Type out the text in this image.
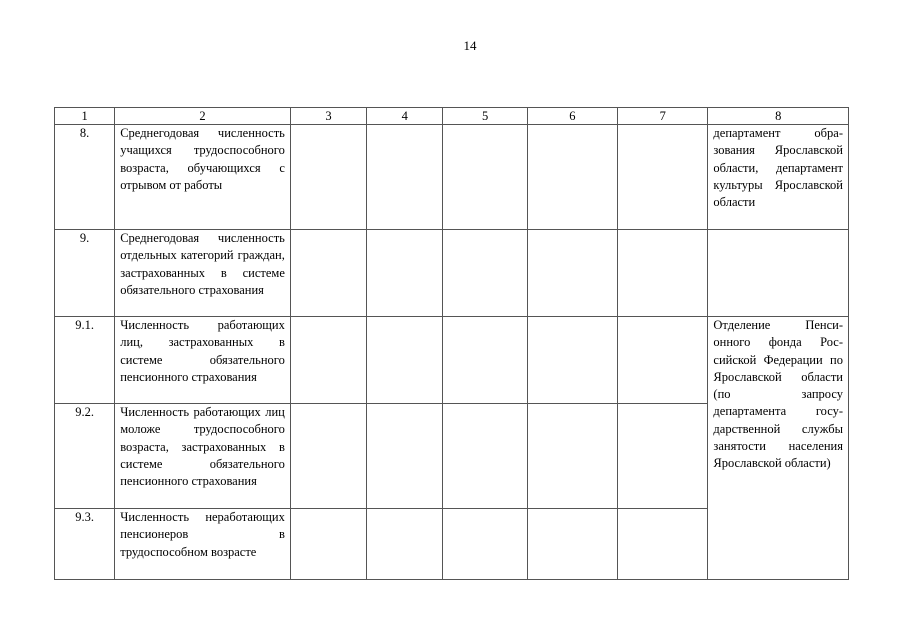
14
1	2	3	4	5	6	7	8
8.	Среднегодовая численность учащихся трудоспособного возраста, обучающихся с отрывом от работы						департамент образования Ярославской области, департамент культуры Ярославской области
9.	Среднегодовая численность отдельных категорий граждан, застрахованных в системе обязательного страхования						
9.1.	Численность работающих лиц, застрахованных в системе обязательного пенсионного страхования						Отделение Пенсионного фонда Российской Федерации по Ярославской области (по запросу департамента государственной службы занятости населения Ярославской области)
9.2.	Численность работающих лиц моложе трудоспособного возраста, застрахованных в системе обязательного пенсионного страхования						
9.3.	Численность неработающих пенсионеров в трудоспособном возрасте						
